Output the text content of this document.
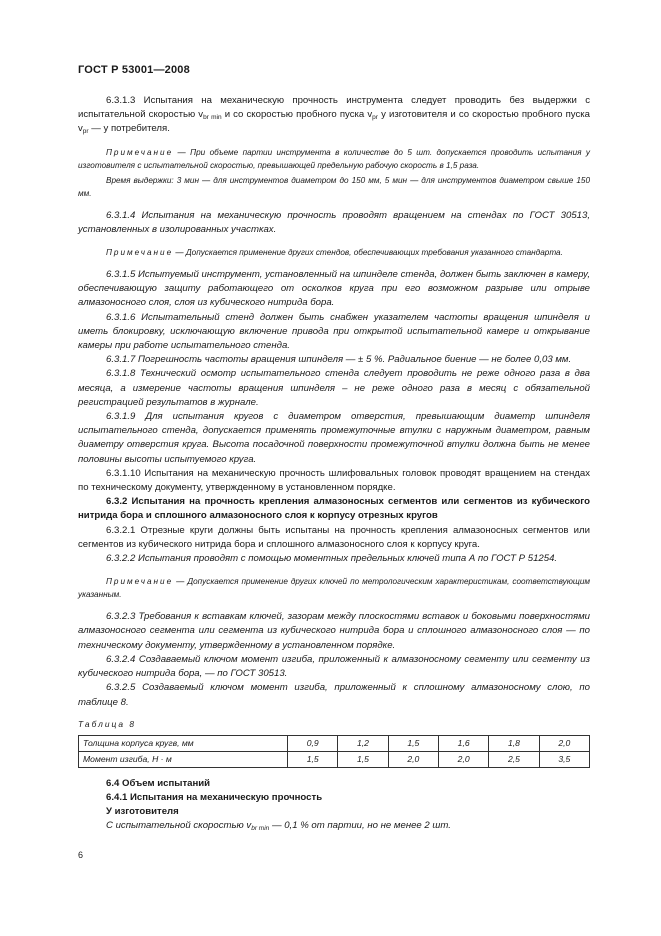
ГОСТ Р 53001—2008

6.3.1.3 Испытания на механическую прочность инструмента следует проводить без выдержки с испытательной скоростью $v_{br min}$ и со скоростью пробного пуска $v_{pr}$ у изготовителя и со скоростью пробного пуска $v_{pr}$ — у потребителя.

Примечание — При объеме партии инструмента в количестве до 5 шт. допускается проводить испытания у изготовителя с испытательной скоростью, превышающей предельную рабочую скорость в 1,5 раза.

Время выдержки: 3 мин — для инструментов диаметром до 150 мм, 5 мин — для инструментов диаметром свыше 150 мм.

6.3.1.4 Испытания на механическую прочность проводят вращением на стендах по ГОСТ 30513, установленных в изолированных участках.

Примечание — Допускается применение других стендов, обеспечивающих требования указанного стандарта.

6.3.1.5 Испытуемый инструмент, установленный на шпинделе стенда, должен быть заключен в камеру, обеспечивающую защиту работающего от осколков круга при его возможном разрыве или отрыве алмазоносного слоя, слоя из кубического нитрида бора.

6.3.1.6 Испытательный стенд должен быть снабжен указателем частоты вращения шпинделя и иметь блокировку, исключающую включение привода при открытой испытательной камере и открывание камеры при работе испытательного стенда.

6.3.1.7 Погрешность частоты вращения шпинделя — ± 5 %. Радиальное биение — не более 0,03 мм.

6.3.1.8 Технический осмотр испытательного стенда следует проводить не реже одного раза в два месяца, а измерение частоты вращения шпинделя – не реже одного раза в месяц с обязательной регистрацией результатов в журнале.

6.3.1.9 Для испытания кругов с диаметром отверстия, превышающим диаметр шпинделя испытательного стенда, допускается применять промежуточные втулки с наружным диаметром, равным диаметру отверстия круга. Высота посадочной поверхности промежуточной втулки должна быть не менее половины высоты испытуемого круга.

6.3.1.10 Испытания на механическую прочность шлифовальных головок проводят вращением на стендах по техническому документу, утвержденному в установленном порядке.

6.3.2 Испытания на прочность крепления алмазоносных сегментов или сегментов из кубического нитрида бора и сплошного алмазоносного слоя к корпусу отрезных кругов

6.3.2.1 Отрезные круги должны быть испытаны на прочность крепления алмазоносных сегментов или сегментов из кубического нитрида бора и сплошного алмазоносного слоя к корпусу круга.

6.3.2.2 Испытания проводят с помощью моментных предельных ключей типа А по ГОСТ Р 51254.

Примечание — Допускается применение других ключей по метрологическим характеристикам, соответствующим указанным.

6.3.2.3 Требования к вставкам ключей, зазорам между плоскостями вставок и боковыми поверхностями алмазоносного сегмента или сегмента из кубического нитрида бора и сплошного алмазоносного слоя — по техническому документу, утвержденному в установленном порядке.

6.3.2.4 Создаваемый ключом момент изгиба, приложенный к алмазоносному сегменту или сегменту из кубического нитрида бора, — по ГОСТ 30513.

6.3.2.5 Создаваемый ключом момент изгиба, приложенный к сплошному алмазоносному слою, по таблице 8.

Таблица 8
Толщина корпуса кругв, мм	0,9	1,2	1,5	1,6	1,8	2,0
Момент изгиба, Н · м	1,5	1,5	2,0	2,0	2,5	3,5

6.4 Объем испытаний

6.4.1 Испытания на механическую прочность

У изготовителя

С испытательной скоростью $v_{br min}$ — 0,1 % от партии, но не менее 2 шт.

6
